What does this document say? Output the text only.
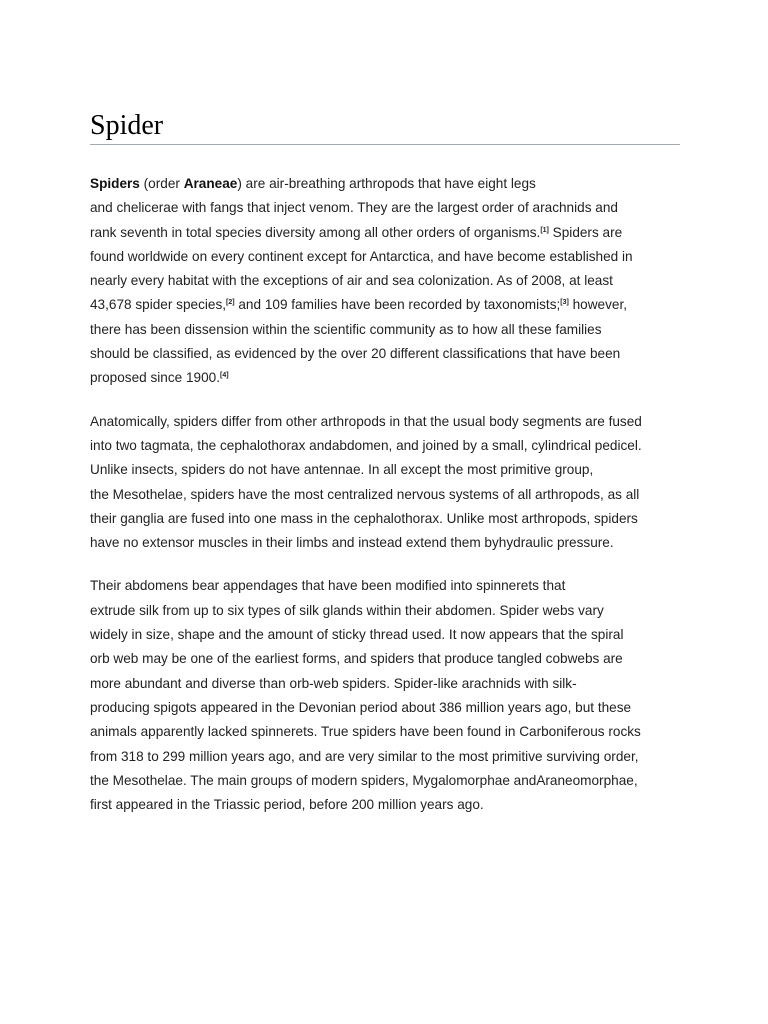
Spider

Spiders (order Araneae) are air-breathing arthropods that have eight legs
and chelicerae with fangs that inject venom. They are the largest order of arachnids and
rank seventh in total species diversity among all other orders of organisms.[1] Spiders are
found worldwide on every continent except for Antarctica, and have become established in
nearly every habitat with the exceptions of air and sea colonization. As of 2008, at least
43,678 spider species,[2] and 109 families have been recorded by taxonomists;[3] however,
there has been dissension within the scientific community as to how all these families
should be classified, as evidenced by the over 20 different classifications that have been
proposed since 1900.[4]

Anatomically, spiders differ from other arthropods in that the usual body segments are fused
into two tagmata, the cephalothorax andabdomen, and joined by a small, cylindrical pedicel.
Unlike insects, spiders do not have antennae. In all except the most primitive group,
the Mesothelae, spiders have the most centralized nervous systems of all arthropods, as all
their ganglia are fused into one mass in the cephalothorax. Unlike most arthropods, spiders
have no extensor muscles in their limbs and instead extend them byhydraulic pressure.

Their abdomens bear appendages that have been modified into spinnerets that
extrude silk from up to six types of silk glands within their abdomen. Spider webs vary
widely in size, shape and the amount of sticky thread used. It now appears that the spiral
orb web may be one of the earliest forms, and spiders that produce tangled cobwebs are
more abundant and diverse than orb-web spiders. Spider-like arachnids with silk-
producing spigots appeared in the Devonian period about 386 million years ago, but these
animals apparently lacked spinnerets. True spiders have been found in Carboniferous rocks
from 318 to 299 million years ago, and are very similar to the most primitive surviving order,
the Mesothelae. The main groups of modern spiders, Mygalomorphae andAraneomorphae,
first appeared in the Triassic period, before 200 million years ago.
